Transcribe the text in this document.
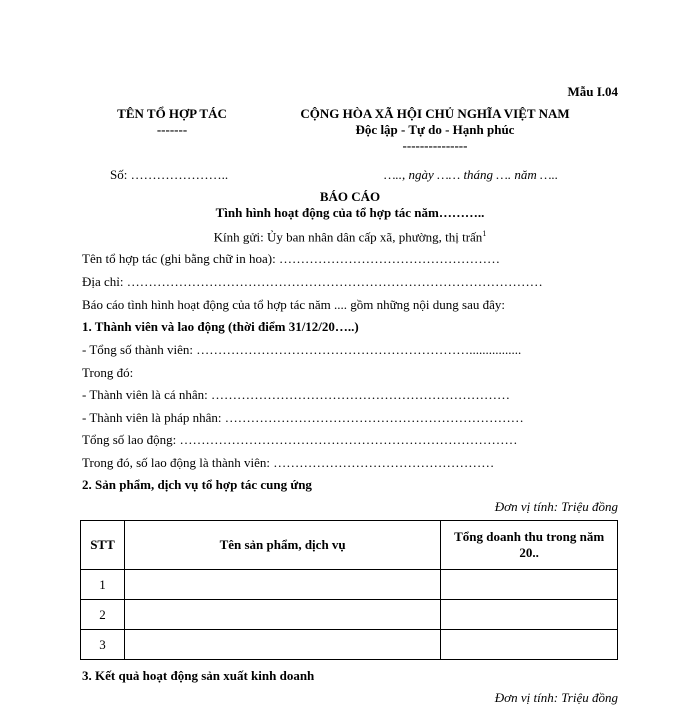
Mẫu I.04
TÊN TỔ HỢP TÁC
-------
CỘNG HÒA XÃ HỘI CHỦ NGHĨA VIỆT NAM
Độc lập - Tự do - Hạnh phúc
---------------
Số: …………………..	….., ngày …… tháng …. năm …..
BÁO CÁO
Tình hình hoạt động của tổ hợp tác năm………..
Kính gửi: Ủy ban nhân dân cấp xã, phường, thị trấn$^1$
Tên tổ hợp tác (ghi bằng chữ in hoa): ……………………………………………
Địa chỉ: ……………………………………………………………………………………
Báo cáo tình hình hoạt động của tổ hợp tác năm .... gồm những nội dung sau đây:
1. Thành viên và lao động (thời điểm 31/12/20…..)
- Tổng số thành viên: ………………………………………………………................
Trong đó:
- Thành viên là cá nhân: ……………………………………………………………
- Thành viên là pháp nhân: ……………………………………………………………
Tổng số lao động: ……………………………………………………………………
Trong đó, số lao động là thành viên: ……………………………………………
2. Sản phẩm, dịch vụ tổ hợp tác cung ứng
Đơn vị tính: Triệu đồng
STT	Tên sản phẩm, dịch vụ	Tổng doanh thu trong năm 20..
1		
2		
3		
3. Kết quả hoạt động sản xuất kinh doanh
Đơn vị tính: Triệu đồng
